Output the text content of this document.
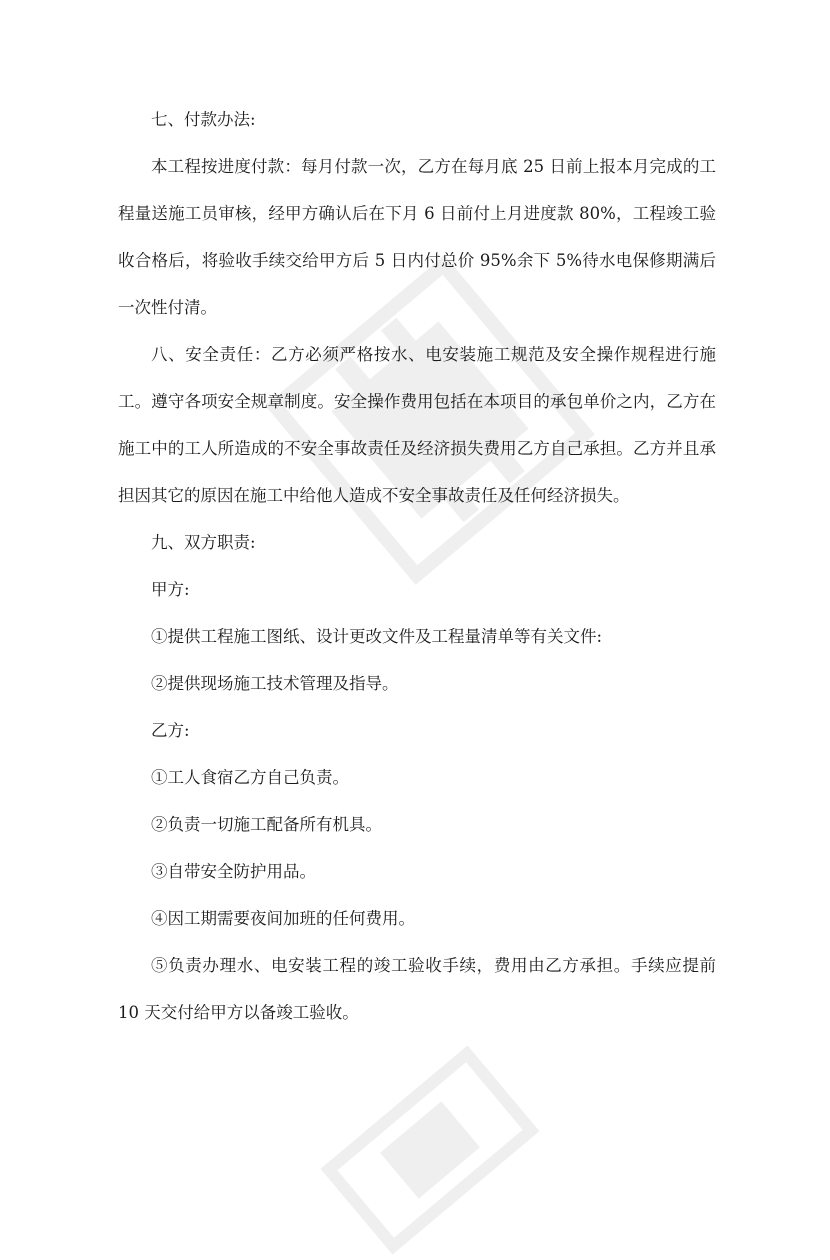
七、付款办法:

本工程按进度付款：每月付款一次，乙方在每月底 25 日前上报本月完成的工程量送施工员审核，经甲方确认后在下月 6 日前付上月进度款 80%，工程竣工验收合格后，将验收手续交给甲方后 5 日内付总价 95%余下 5%待水电保修期满后一次性付清。

八、安全责任：乙方必须严格按水、电安装施工规范及安全操作规程进行施工。遵守各项安全规章制度。安全操作费用包括在本项目的承包单价之内，乙方在施工中的工人所造成的不安全事故责任及经济损失费用乙方自己承担。乙方并且承担因其它的原因在施工中给他人造成不安全事故责任及任何经济损失。

九、双方职责:

甲方:

①提供工程施工图纸、设计更改文件及工程量清单等有关文件:

②提供现场施工技术管理及指导。

乙方:

①工人食宿乙方自己负责。

②负责一切施工配备所有机具。

③自带安全防护用品。

④因工期需要夜间加班的任何费用。

⑤负责办理水、电安装工程的竣工验收手续，费用由乙方承担。手续应提前 10 天交付给甲方以备竣工验收。
